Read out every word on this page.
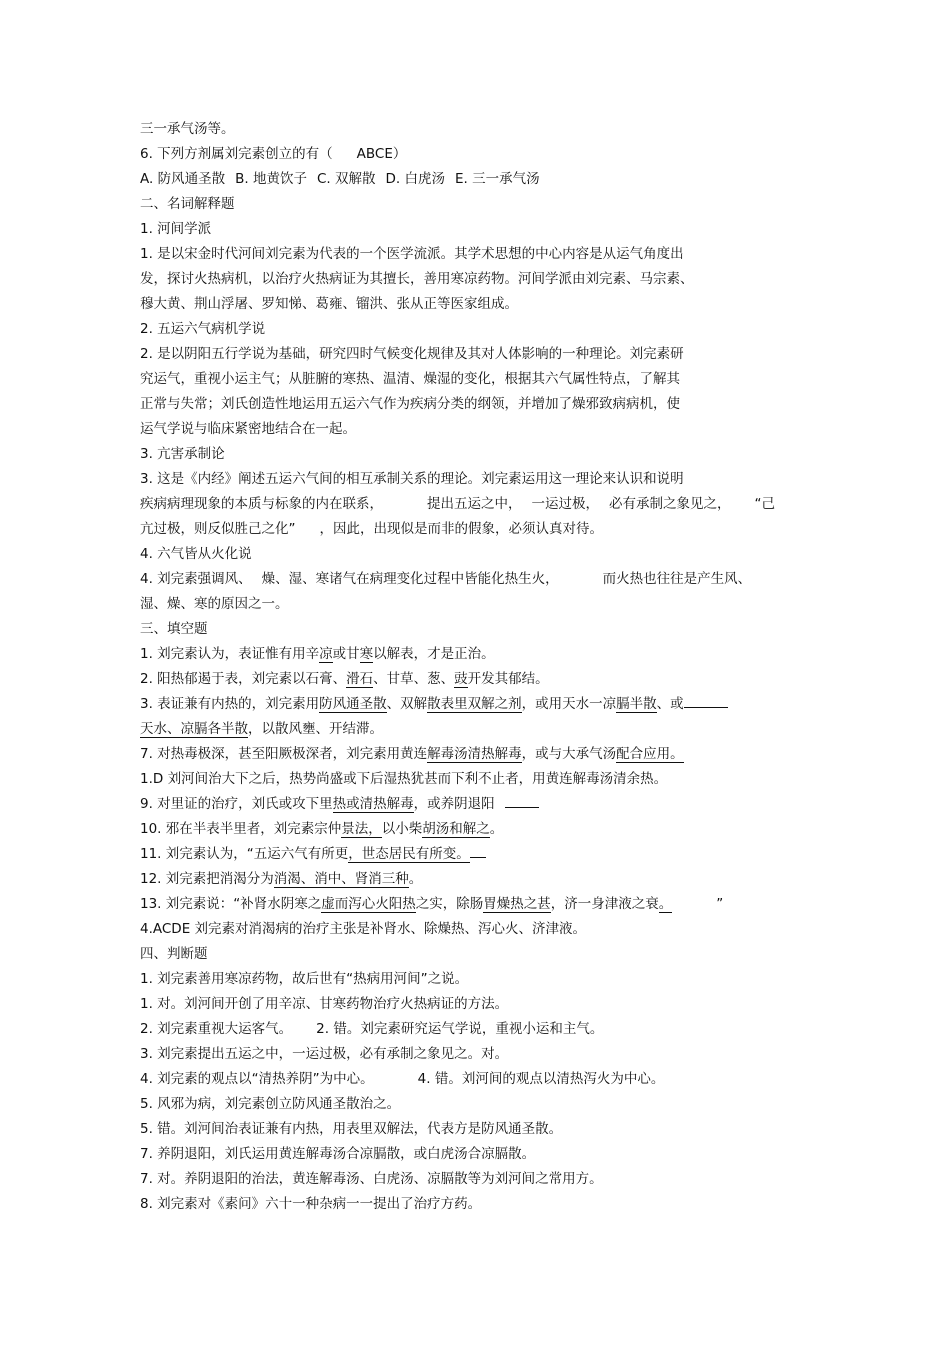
三一承气汤等。
6. 下列方剂属刘完素创立的有（ ABCE）
A. 防风通圣散 B. 地黄饮子 C. 双解散 D. 白虎汤 E. 三一承气汤
二、名词解释题
1. 河间学派
1. 是以宋金时代河间刘完素为代表的一个医学流派。其学术思想的中心内容是从运气角度出
发，探讨火热病机，以治疗火热病证为其擅长，善用寒凉药物。河间学派由刘完素、马宗素、
穆大黄、荆山浮屠、罗知悌、葛雍、镏洪、张从正等医家组成。
2. 五运六气病机学说
2. 是以阴阳五行学说为基础，研究四时气候变化规律及其对人体影响的一种理论。刘完素研
究运气，重视小运主气；从脏腑的寒热、温清、燥湿的变化，根据其六气属性特点，了解其
正常与失常；刘氏创造性地运用五运六气作为疾病分类的纲领，并增加了燥邪致病病机，使
运气学说与临床紧密地结合在一起。
3. 亢害承制论
3. 这是《内经》阐述五运六气间的相互承制关系的理论。刘完素运用这一理论来认识和说明
疾病病理现象的本质与标象的内在联系，	提出五运之中， 一运过极， 必有承制之象见之， “己
亢过极，则反似胜己之化” ，因此，出现似是而非的假象，必须认真对待。
4. 六气皆从火化说
4. 刘完素强调风、 燥、湿、寒诸气在病理变化过程中皆能化热生火，	而火热也往往是产生风、
湿、燥、寒的原因之一。
三、填空题
1. 刘完素认为，表证惟有用辛凉或甘寒以解表，才是正治。
2. 阳热郁遏于表，刘完素以石膏、滑石、甘草、葱、豉开发其郁结。
3. 表证兼有内热的，刘完素用防风通圣散、双解散表里双解之剂，或用天水一凉膈半散、或
天水、凉膈各半散，以散风壅、开结滞。
7. 对热毒极深，甚至阳厥极深者，刘完素用黄连解毒汤清热解毒，或与大承气汤配合应用。
1.D 刘河间治大下之后，热势尚盛或下后湿热犹甚而下利不止者，用黄连解毒汤清余热。
9. 对里证的治疗，刘氏或攻下里热或清热解毒，或养阴退阳
10. 邪在半表半里者，刘完素宗仲景法，以小柴胡汤和解之。
11. 刘完素认为，“五运六气有所更，世态居民有所变。
12. 刘完素把消渴分为消渴、消中、肾消三种。
13. 刘完素说：“补肾水阴寒之虚而泻心火阳热之实，除肠胃燥热之甚，济一身津液之衰。	”
4.ACDE 刘完素对消渴病的治疗主张是补肾水、除燥热、泻心火、济津液。
四、判断题
1. 刘完素善用寒凉药物，故后世有“热病用河间”之说。
1. 对。刘河间开创了用辛凉、甘寒药物治疗火热病证的方法。
2. 刘完素重视大运客气。 2. 错。刘完素研究运气学说，重视小运和主气。
3. 刘完素提出五运之中，一运过极，必有承制之象见之。对。
4. 刘完素的观点以“清热养阴”为中心。	4. 错。刘河间的观点以清热泻火为中心。
5. 风邪为病，刘完素创立防风通圣散治之。
5. 错。刘河间治表证兼有内热，用表里双解法，代表方是防风通圣散。
7. 养阴退阳，刘氏运用黄连解毒汤合凉膈散，或白虎汤合凉膈散。
7. 对。养阴退阳的治法，黄连解毒汤、白虎汤、凉膈散等为刘河间之常用方。
8. 刘完素对《素问》六十一种杂病一一提出了治疗方药。
